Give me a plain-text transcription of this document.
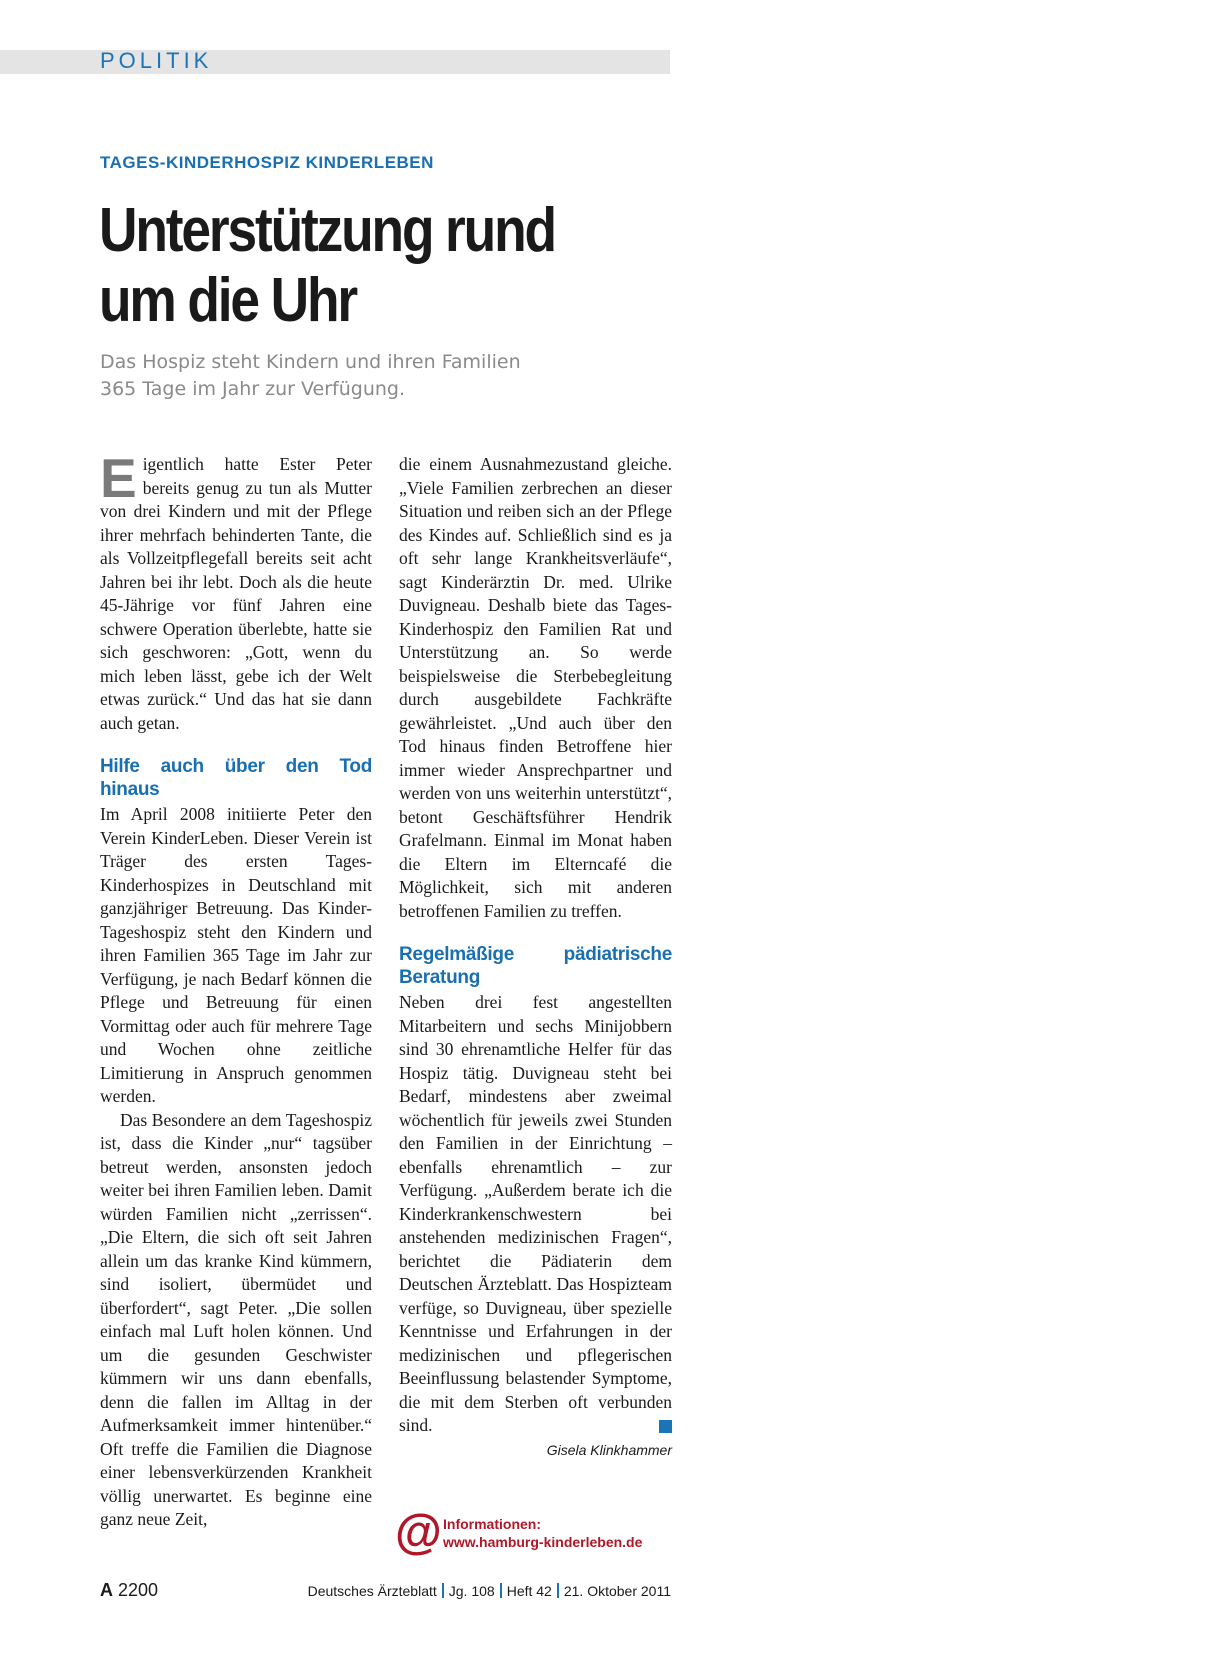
POLITIK
TAGES-KINDERHOSPIZ KINDERLEBEN
Unterstützung rund
um die Uhr
Das Hospiz steht Kindern und ihren Familien
365 Tage im Jahr zur Verfügung.

Eigentlich hatte Ester Peter bereits genug zu tun als Mutter von drei Kindern und mit der Pflege ihrer mehrfach behinderten Tante, die als Vollzeitpflegefall bereits seit acht Jahren bei ihr lebt. Doch als die heute 45-Jährige vor fünf Jahren eine schwere Operation überlebte, hatte sie sich geschworen: „Gott, wenn du mich leben lässt, gebe ich der Welt etwas zurück.“ Und das hat sie dann auch getan.

Hilfe auch über den Tod hinaus

Im April 2008 initiierte Peter den Verein KinderLeben. Dieser Verein ist Träger des ersten Tages-Kinderhospizes in Deutschland mit ganzjähriger Betreuung. Das Kinder-Tageshospiz steht den Kindern und ihren Familien 365 Tage im Jahr zur Verfügung, je nach Bedarf können die Pflege und Betreuung für einen Vormittag oder auch für mehrere Tage und Wochen ohne zeitliche Limitierung in Anspruch genommen werden.

Das Besondere an dem Tageshospiz ist, dass die Kinder „nur“ tagsüber betreut werden, ansonsten jedoch weiter bei ihren Familien leben. Damit würden Familien nicht „zerrissen“. „Die Eltern, die sich oft seit Jahren allein um das kranke Kind kümmern, sind isoliert, übermüdet und überfordert“, sagt Peter. „Die sollen einfach mal Luft holen können. Und um die gesunden Geschwister kümmern wir uns dann ebenfalls, denn die fallen im Alltag in der Aufmerksamkeit immer hintenüber.“ Oft treffe die Familien die Diagnose einer lebensverkürzenden Krankheit völlig unerwartet. Es beginne eine ganz neue Zeit,

die einem Ausnahmezustand gleiche. „Viele Familien zerbrechen an dieser Situation und reiben sich an der Pflege des Kindes auf. Schließlich sind es ja oft sehr lange Krankheitsverläufe“, sagt Kinderärztin Dr. med. Ulrike Duvigneau. Deshalb biete das Tages-Kinderhospiz den Familien Rat und Unterstützung an. So werde beispielsweise die Sterbebegleitung durch ausgebildete Fachkräfte gewährleistet. „Und auch über den Tod hinaus finden Betroffene hier immer wieder Ansprechpartner und werden von uns weiterhin unterstützt“, betont Geschäftsführer Hendrik Grafelmann. Einmal im Monat haben die Eltern im Elterncafé die Möglichkeit, sich mit anderen betroffenen Familien zu treffen.

Regelmäßige pädiatrische Beratung

Neben drei fest angestellten Mitarbeitern und sechs Minijobbern sind 30 ehrenamtliche Helfer für das Hospiz tätig. Duvigneau steht bei Bedarf, mindestens aber zweimal wöchentlich für jeweils zwei Stunden den Familien in der Einrichtung – ebenfalls ehrenamtlich – zur Verfügung. „Außerdem berate ich die Kinderkrankenschwestern bei anstehenden medizinischen Fragen“, berichtet die Pädiaterin dem Deutschen Ärzteblatt. Das Hospizteam verfüge, so Duvigneau, über spezielle Kenntnisse und Erfahrungen in der medizinischen und pflegerischen Beeinflussung belastender Symptome, die mit dem Sterben oft verbunden sind.

Gisela Klinkhammer
@ Informationen:
www.hamburg-kinderleben.de
A 2200	Deutsches Ärzteblatt Jg. 108 Heft 42 21. Oktober 2011
